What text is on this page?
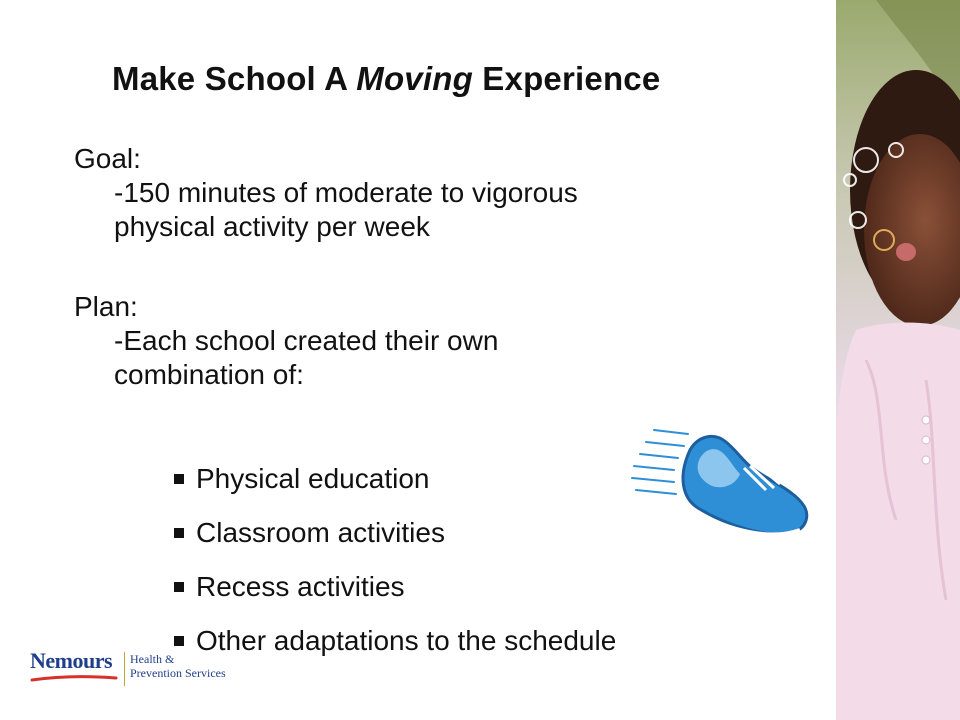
Make School A Moving Experience

Goal:

-150 minutes of moderate to vigorous

physical activity per week

Plan:

-Each school created their own

combination of:

Physical education
Classroom activities
Recess activities
Other adaptations to the schedule
Nemours	Health &
Prevention Services
